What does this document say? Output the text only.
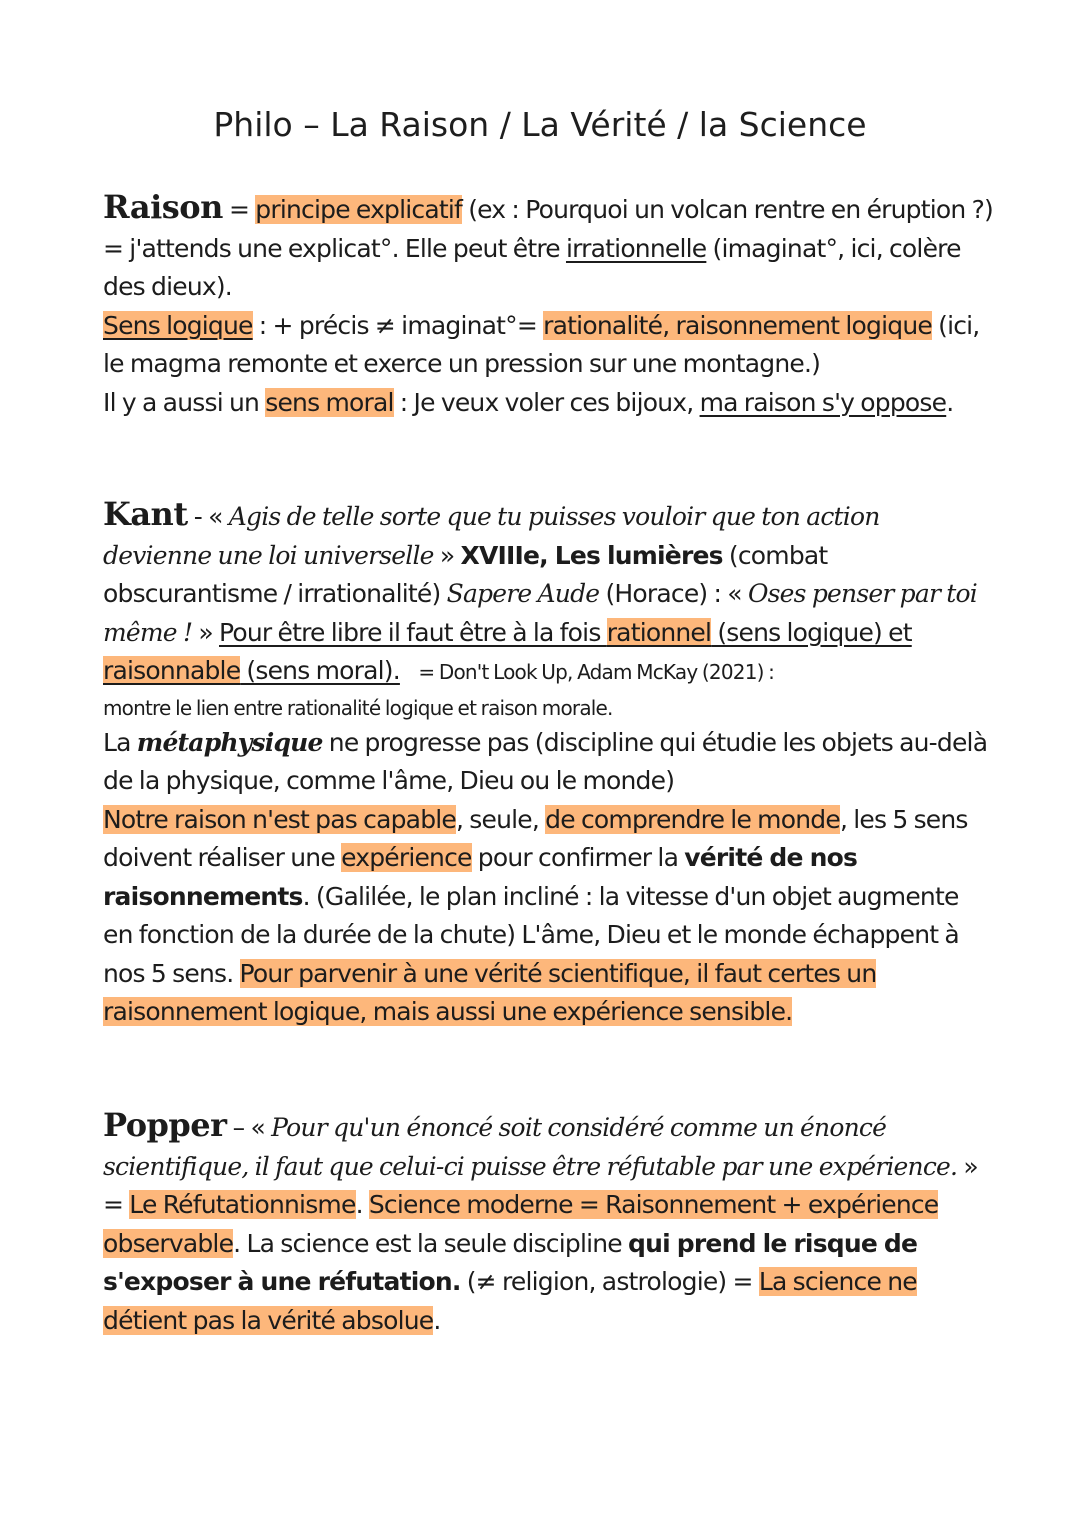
Philo – La Raison / La Vérité / la Science

Raison = principe explicatif (ex : Pourquoi un volcan rentre en éruption ?) = j'attends une explicat°. Elle peut être irrationnelle (imaginat°, ici, colère des dieux).
Sens logique : + précis ≠ imaginat°= rationalité, raisonnement logique (ici, le magma remonte et exerce un pression sur une montagne.)
Il y a aussi un sens moral : Je veux voler ces bijoux, ma raison s'y oppose.

Kant - « Agis de telle sorte que tu puisses vouloir que ton action devienne une loi universelle » XVIIIe, Les lumières (combat obscurantisme / irrationalité) Sapere Aude (Horace) : « Oses penser par toi même ! » Pour être libre il faut être à la fois rationnel (sens logique) et raisonnable (sens moral). = Don't Look Up, Adam McKay (2021) :

montre le lien entre rationalité logique et raison morale.

La métaphysique ne progresse pas (discipline qui étudie les objets au-delà de la physique, comme l'âme, Dieu ou le monde)
Notre raison n'est pas capable, seule, de comprendre le monde, les 5 sens doivent réaliser une expérience pour confirmer la vérité de nos raisonnements. (Galilée, le plan incliné : la vitesse d'un objet augmente en fonction de la durée de la chute) L'âme, Dieu et le monde échappent à nos 5 sens. Pour parvenir à une vérité scientifique, il faut certes un raisonnement logique, mais aussi une expérience sensible.

Popper – « Pour qu'un énoncé soit considéré comme un énoncé scientifique, il faut que celui-ci puisse être réfutable par une expérience. » = Le Réfutationnisme. Science moderne = Raisonnement + expérience observable. La science est la seule discipline qui prend le risque de s'exposer à une réfutation. (≠ religion, astrologie) = La science ne détient pas la vérité absolue.
